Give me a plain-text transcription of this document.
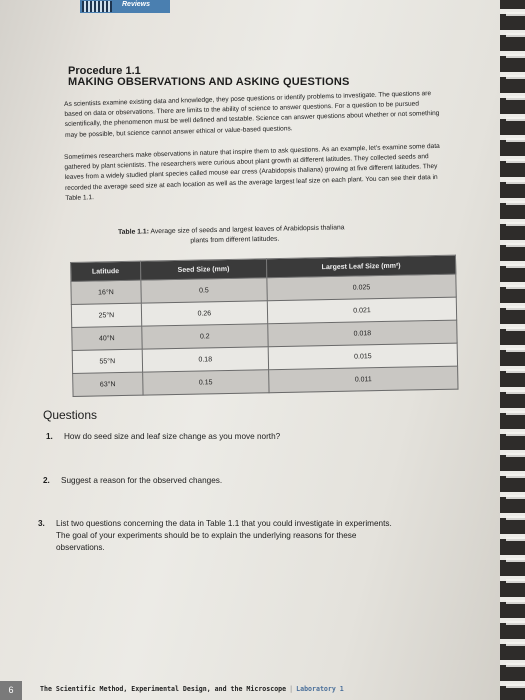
Reviews
Procedure 1.1
MAKING OBSERVATIONS AND ASKING QUESTIONS

As scientists examine existing data and knowledge, they pose questions or identify problems to investigate. The questions are based on data or observations. There are limits to the ability of science to answer questions. For a question to be pursued scientifically, the phenomenon must be well defined and testable. Science can answer questions about whether or not something may be possible, but science cannot answer ethical or value-based questions.

Sometimes researchers make observations in nature that inspire them to ask questions. As an example, let's examine some data gathered by plant scientists. The researchers were curious about plant growth at different latitudes. They collected seeds and leaves from a widely studied plant species called mouse ear cress (Arabidopsis thaliana) growing at five different latitudes. They recorded the average seed size at each location as well as the average largest leaf size on each plant. You can see their data in Table 1.1.

Table 1.1: Average size of seeds and largest leaves of Arabidopsis thaliana
plants from different latitudes.
Latitude	Seed Size (mm)	Largest Leaf Size (mm²)
16°N	0.5	0.025
25°N	0.26	0.021
40°N	0.2	0.018
55°N	0.18	0.015
63°N	0.15	0.011
Questions
1. How do seed size and leaf size change as you move north?
2. Suggest a reason for the observed changes.
3. List two questions concerning the data in Table 1.1 that you could investigate in experiments.
The goal of your experiments should be to explain the underlying reasons for these
observations.
6	The Scientific Method, Experimental Design, and the Microscope | Laboratory 1
